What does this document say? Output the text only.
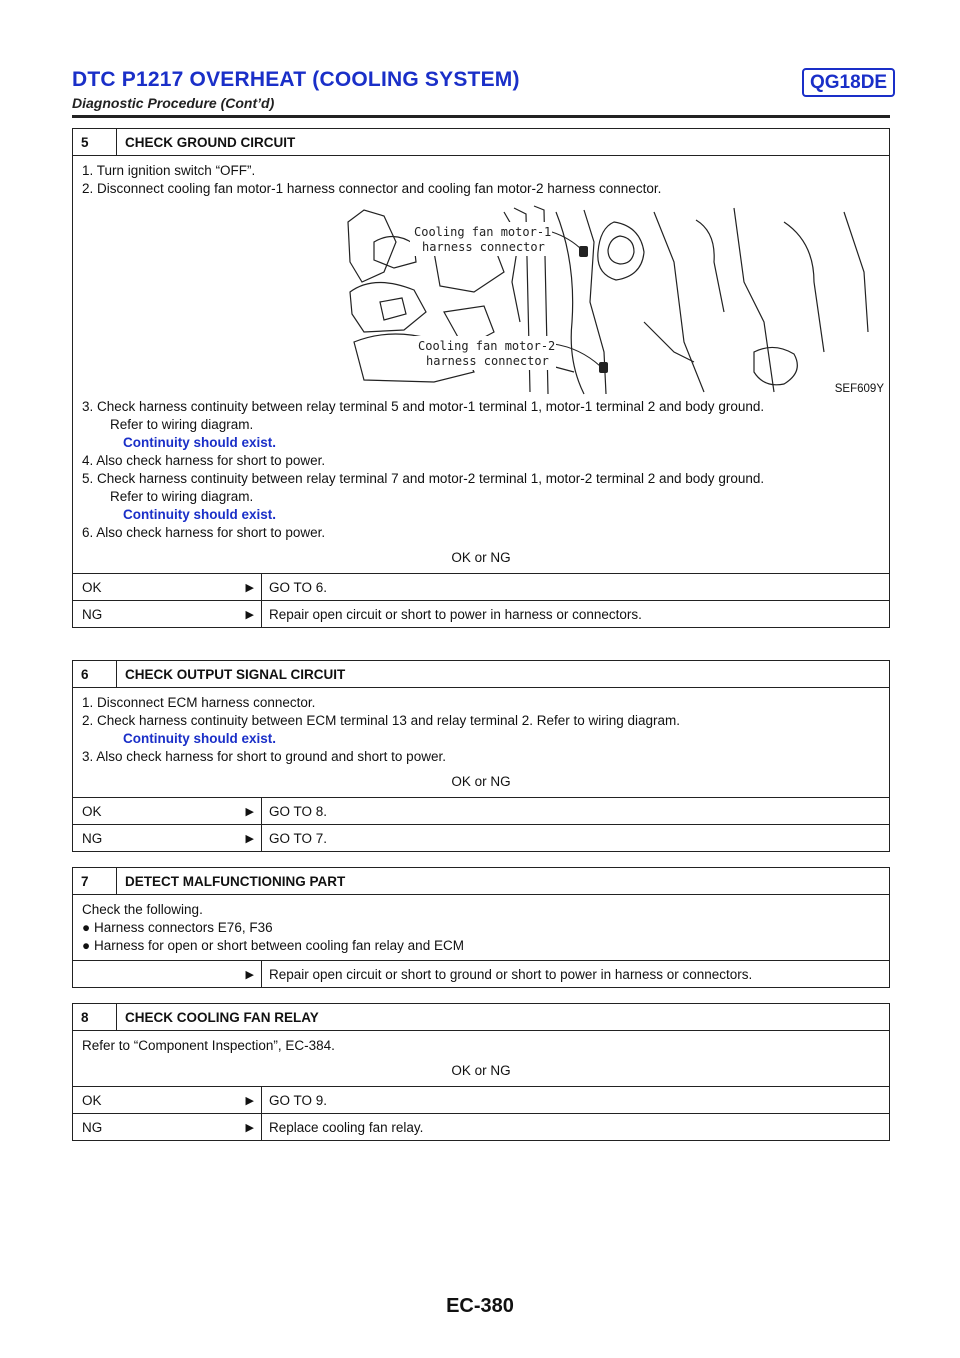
DTC P1217 OVERHEAT (COOLING SYSTEM)	QG18DE
Diagnostic Procedure (Cont’d)
5	CHECK GROUND CIRCUIT
1. Turn ignition switch “OFF”.
2. Disconnect cooling fan motor-1 harness connector and cooling fan motor-2 harness connector.
Cooling fan motor-1
harness connector
Cooling fan motor-2
harness connector
SEF609Y
3. Check harness continuity between relay terminal 5 and motor-1 terminal 1, motor-1 terminal 2 and body ground.
Refer to wiring diagram.
Continuity should exist.
4. Also check harness for short to power.
5. Check harness continuity between relay terminal 7 and motor-2 terminal 1, motor-2 terminal 2 and body ground.
Refer to wiring diagram.
Continuity should exist.
6. Also check harness for short to power.
OK or NG
OK	▶	GO TO 6.
NG	▶	Repair open circuit or short to power in harness or connectors.
6	CHECK OUTPUT SIGNAL CIRCUIT
1. Disconnect ECM harness connector.
2. Check harness continuity between ECM terminal 13 and relay terminal 2. Refer to wiring diagram.
Continuity should exist.
3. Also check harness for short to ground and short to power.
OK or NG
OK	▶	GO TO 8.
NG	▶	GO TO 7.
7	DETECT MALFUNCTIONING PART
Check the following.
● Harness connectors E76, F36
● Harness for open or short between cooling fan relay and ECM
▶	Repair open circuit or short to ground or short to power in harness or connectors.
8	CHECK COOLING FAN RELAY
Refer to “Component Inspection”, EC-384.
OK or NG
OK	▶	GO TO 9.
NG	▶	Replace cooling fan relay.
EC-380
